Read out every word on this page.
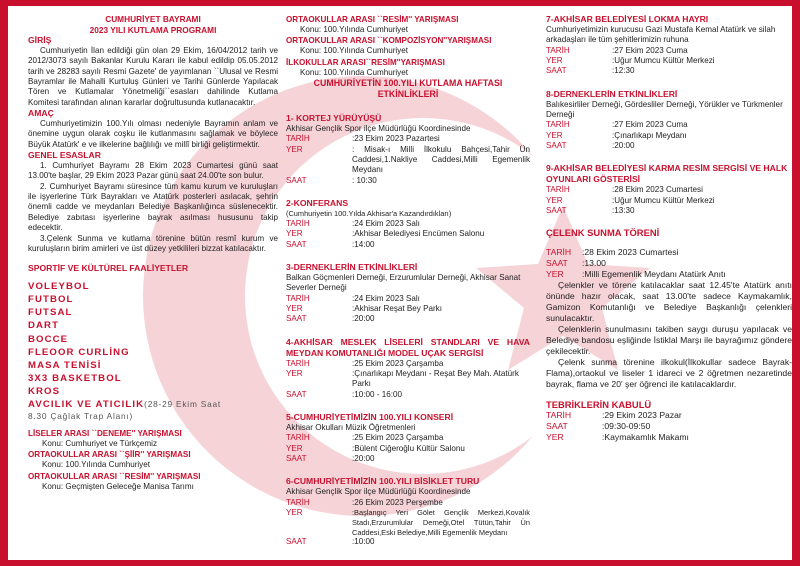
CUMHURİYET BAYRAMI
2023 YILI KUTLAMA PROGRAMI
GİRİŞ
Cumhuriyetin İlan edildiği gün olan 29 Ekim, 16/04/2012 tarih ve 2012/3073 sayılı Bakanlar Kurulu Kararı ile kabul edildip 05.05.2012 tarih ve 28283 sayılı Resmi Gazete' de yayımlanan ``Ulusal ve Resmi Bayramlar ile Mahalli Kurtuluş Günleri ve Tarihi Günlerde Yapılacak Tören ve Kutlamalar Yönetmeliği``esasları dahilinde Kutlama Komitesi tarafından alınan kararlar doğrultusunda kutlanacaktır.
AMAÇ
Cumhuriyetimizin 100.Yılı olması nedeniyle Bayramın anlam ve önemine uygun olarak coşku ile kutlanmasını sağlamak ve böylece Büyük Atatürk' e ve ilkelerine bağlılığı ve millî birliği geliştirmektir.
GENEL ESASLAR
1. Cumhuriyet Bayramı 28 Ekim 2023 Cumartesi günü saat 13.00'te başlar, 29 Ekim 2023 Pazar günü saat 24.00'te son bulur.
2. Cumhuriyet Bayramı süresince tüm kamu kurum ve kuruluşları ile işyerlerine Türk Bayrakları ve Atatürk posterleri asılacak, şehrin önemli cadde ve meydanları Belediye Başkanlığınca süslenecektir. Belediye zabıtası işyerlerine bayrak asılması hususunu takip edecektir.
3.Çelenk Sunma ve kutlama törenine bütün resmî kurum ve kuruluşların birim amirleri ve üst düzey yetkilileri bizzat katılacaktır.
SPORTİF VE KÜLTÜREL FAALİYETLER
VOLEYBOL
FUTBOL
FUTSAL
DART
BOCCE
FLEOOR CURLİNG
MASA TENİSİ
3X3 BASKETBOL
KROS
AVCILIK VE ATICILIK(28-29 Ekim Saat
8.30 Çağlak Trap Alanı)
LİSELER ARASI ``DENEME'' YARIŞMASI
Konu: Cumhuriyet ve Türkçemiz
ORTAOKULLAR ARASI ``ŞİİR'' YARIŞMASI
Konu: 100.Yılında Cumhuriyet
ORTAOKULLAR ARASI ``RESİM'' YARIŞMASI
Konu: Geçmişten Geleceğe Manisa Tarımı
ORTAOKULLAR ARASI ``RESİM'' YARIŞMASI
Konu: 100.Yılında Cumhuriyet
ORTAOKULLAR ARASI ``KOMPOZİSYON''YARIŞMASI
Konu: 100.Yılında Cumhuriyet
İLKOKULLAR ARASI``RESİM''YARIŞMASI
Konu: 100.Yılında Cumhuriyet
CUMHURİYETİN 100.YILI KUTLAMA HAFTASI
ETKİNLİKLERİ
1- KORTEJ YÜRÜYÜŞÜ
Akhisar Gençlik Spor ilçe Müdürlüğü Koordinesinde
TARİH	:23 Ekim 2023 Pazartesi
YER	: Misak-ı Milli İlkokulu Bahçesi,Tahir Ün Caddesi,1.Nakliye Caddesi,Milli Egemenlik Meydanı
SAAT	: 10:30
2-KONFERANS
(Cumhuriyetin 100.Yılda Akhisar'a Kazandırdıkları)
TARİH	:24 Ekim 2023 Salı
YER	:Akhisar Belediyesi Encümen Salonu
SAAT	:14:00
3-DERNEKLERİN ETKİNLİKLERİ
Balkan Göçmenleri Derneği, Erzurumlular Derneği, Akhisar Sanat Severler Derneği
TARİH	:24 Ekim 2023 Salı
YER	:Akhisar Reşat Bey Parkı
SAAT	:20:00
4-AKHİSAR MESLEK LİSELERİ STANDLARI VE HAVA MEYDAN KOMUTANLIĞI MODEL UÇAK SERGİSİ
TARİH	:25 Ekim 2023 Çarşamba
YER	:Çınarlıkapı Meydanı - Reşat Bey Mah. Atatürk Parkı
SAAT	:10:00 - 16:00
5-CUMHURİYETİMİZİN 100.YILI KONSERİ
Akhisar Okulları Müzik Öğretmenleri
TARİH	:25 Ekim 2023 Çarşamba
YER	:Bülent Ciğeroğlu Kültür Salonu
SAAT	:20:00
6-CUMHURİYETİMİZİN 100.YILI BİSİKLET TURU
Akhisar Gençlik Spor ilçe Müdürlüğü Koordinesinde
TARİH	:26 Ekim 2023 Perşembe
YER	:Başlangıç Yeri Gölet Gençlik Merkezi,Kovalık Stadı,Erzurumlular Derneği,Otel Tütün,Tahir Ün Caddesi,Eski Belediye,Milli Egemenlik Meydanı
SAAT	:10:00
7-AKHİSAR BELEDİYESİ LOKMA HAYRI
Cumhuriyetimizin kurucusu Gazi Mustafa Kemal Atatürk ve silah arkadaşları ile tüm şehitlerimizin ruhuna
TARİH	:27 Ekim 2023 Cuma
YER	:Uğur Mumcu Kültür Merkezi
SAAT	:12:30
8-DERNEKLERİN ETKİNLİKLERİ
Balıkesirliler Derneği, Gördesliler Derneği, Yörükler ve Türkmenler Derneği
TARİH	:27 Ekim 2023 Cuma
YER	:Çınarlıkapı Meydanı
SAAT	:20:00
9-AKHİSAR BELEDİYESİ KARMA RESİM SERGİSİ VE HALK OYUNLARI GÖSTERİSİ
TARİH	:28 Ekim 2023 Cumartesi
YER	:Uğur Mumcu Kültür Merkezi
SAAT	:13:30
ÇELENK SUNMA TÖRENİ
TARİH	:28 Ekim 2023 Cumartesi
SAAT	:13.00
YER	:Milli Egemenlik Meydanı Atatürk Anıtı
Çelenkler ve törene katılacaklar saat 12.45'te Atatürk anıtı önünde hazır olacak, saat 13.00'te sadece Kaymakamlık, Gamizon Komutanlığı ve Belediye Başkanlığı çelenkleri sunulacaktır.
Çelenklerin sunulmasını takiben saygı duruşu yapılacak ve Belediye bandosu eşliğinde İstiklal Marşı ile bayrağımız gönderе çekilecektir.
Çelenk sunma törenine ilkokul(İlkokullar sadece Bayrak-Flama),ortaokul ve liseler 1 idareci ve 2 öğretmen nezaretinde bayrak, flama ve 20' şer öğrenci ile katılacaklardır.
TEBRİKLERİN KABULÜ
TARİH	:29 Ekim 2023 Pazar
SAAT	:09:30-09:50
YER	:Kaymakamlık Makamı
